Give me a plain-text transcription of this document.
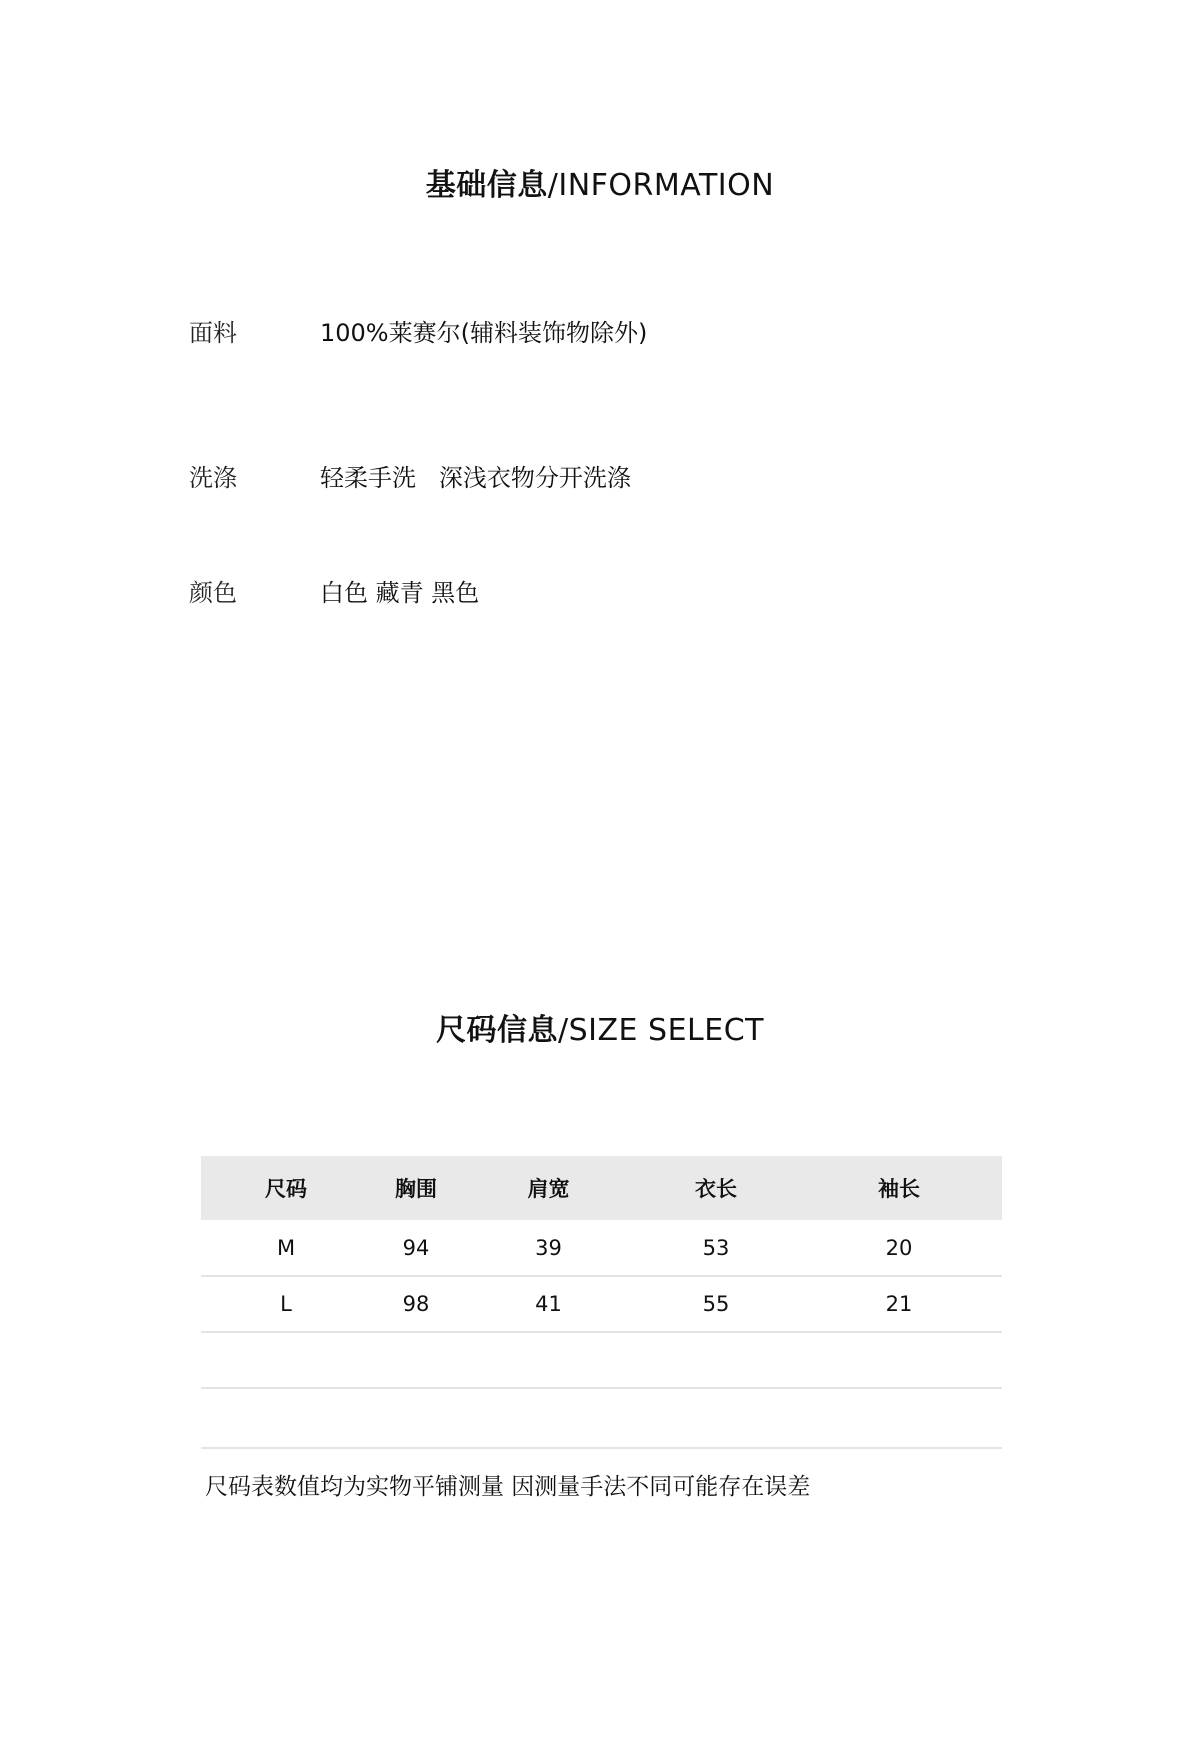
基础信息/INFORMATION
面料	100%莱赛尔(辅料装饰物除外)
洗涤	轻柔手洗   深浅衣物分开洗涤
颜色	白色 藏青 黑色
尺码信息/SIZE SELECT
尺码	胸围	肩宽	衣长	袖长
M	94	39	53	20
L	98	41	55	21

尺码表数值均为实物平铺测量 因测量手法不同可能存在误差
